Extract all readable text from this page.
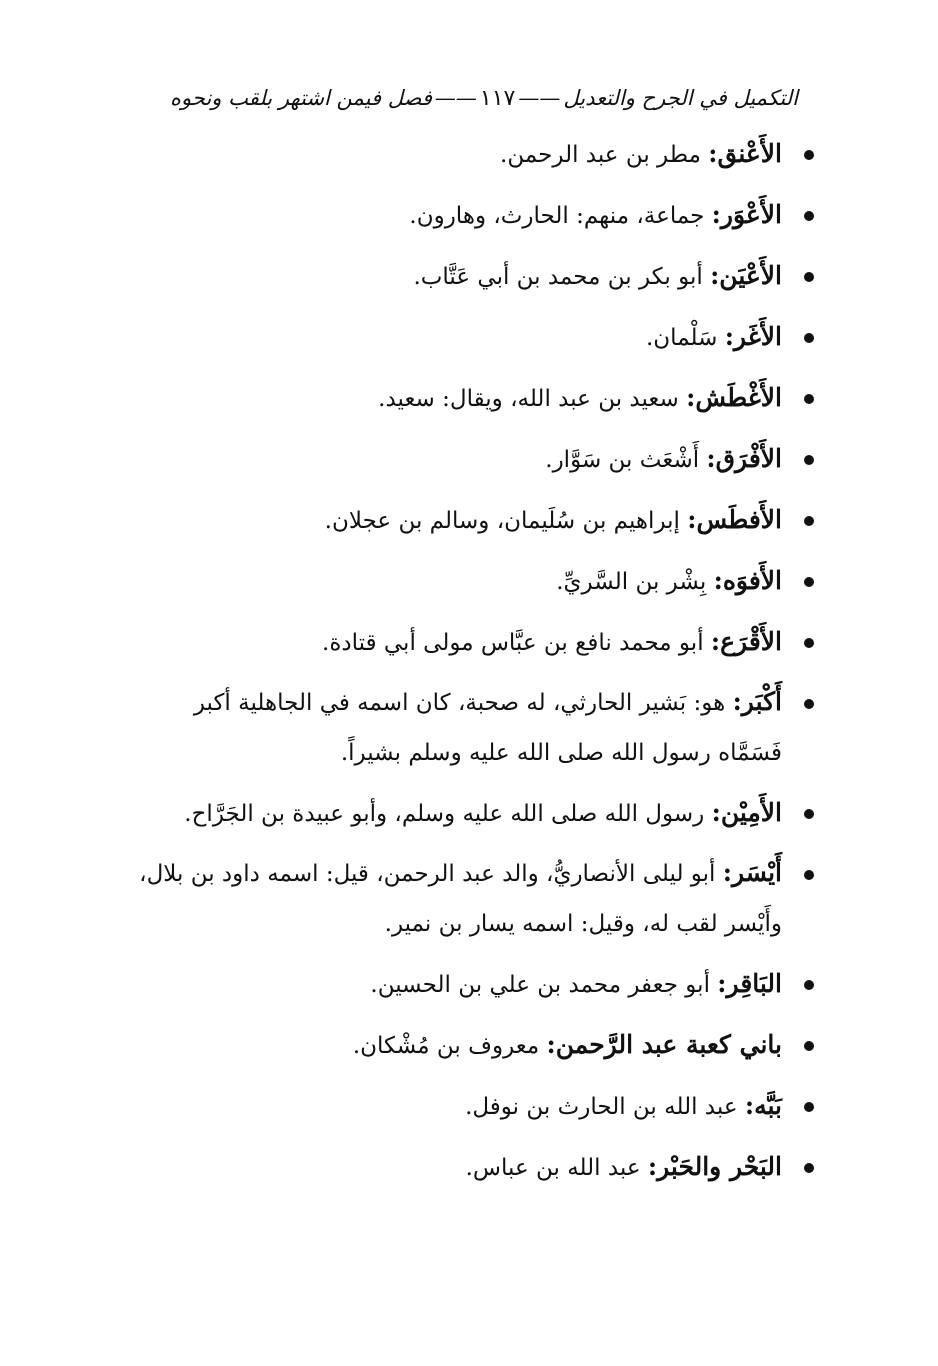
التكميل في الجرح والتعديل
——
١١٧
——
فصل فيمن اشتهر بلقب ونحوه
الأَعْنق: مطر بن عبد الرحمن.
الأَعْوَر: جماعة، منهم: الحارث، وهارون.
الأَعْيَن: أبو بكر بن محمد بن أبي عَتَّاب.
الأَغَر: سَلْمان.
الأَغْطَش: سعيد بن عبد الله، ويقال: سعيد.
الأَفْرَق: أَشْعَث بن سَوَّار.
الأَفطَس: إبراهيم بن سُلَيمان، وسالم بن عجلان.
الأَفوَه: بِشْر بن السَّريِّ.
الأَقْرَع: أبو محمد نافع بن عبَّاس مولى أبي قتادة.
أَكْبَر: هو: بَشير الحارثي، له صحبة، كان اسمه في الجاهلية أكبر فَسَمَّاه رسول الله صلى الله عليه وسلم بشيراً.
الأَمِيْن: رسول الله صلى الله عليه وسلم، وأبو عبيدة بن الجَرَّاح.
أَيْسَر: أبو ليلى الأنصاريُّ، والد عبد الرحمن، قيل: اسمه داود بن بلال، وأَيْسر لقب له، وقيل: اسمه يسار بن نمير.
البَاقِر: أبو جعفر محمد بن علي بن الحسين.
باني كعبة عبد الرَّحمن: معروف بن مُشْكان.
بَبَّه: عبد الله بن الحارث بن نوفل.
البَحْر والحَبْر: عبد الله بن عباس.
